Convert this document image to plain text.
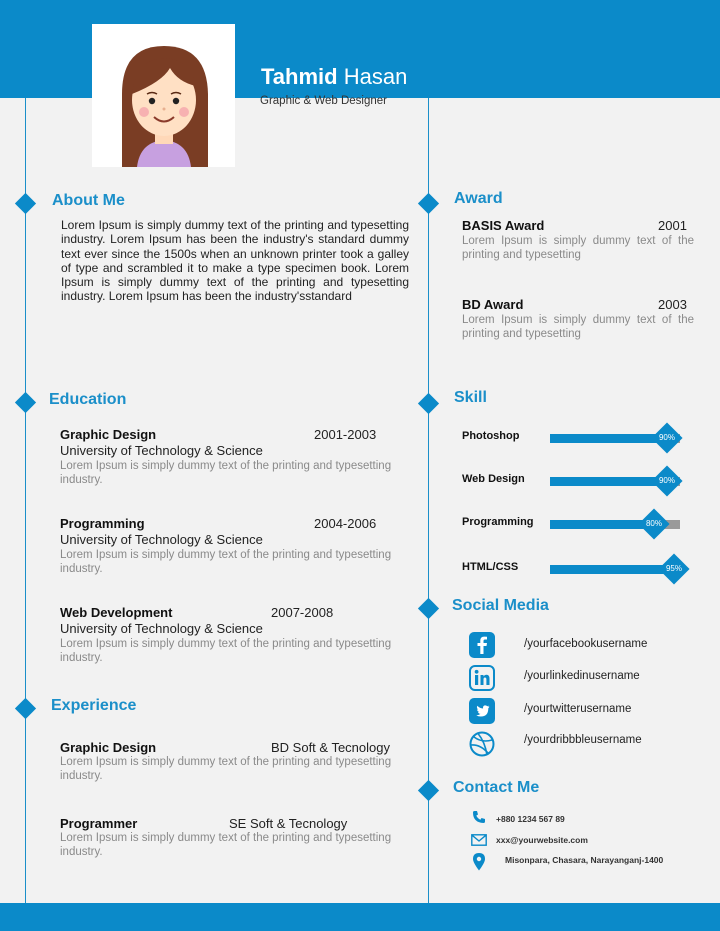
Tahmid Hasan
Graphic & Web Designer
About Me
Lorem Ipsum is simply dummy text of the printing and typesetting industry. Lorem Ipsum has been the industry's standard dummy text ever since the 1500s when an unknown printer took a galley of type and scrambled it to make a type specimen book. Lorem Ipsum is simply dummy text of the printing and typesetting industry. Lorem Ipsum has been the industry'sstandard
Education
Graphic Design	2001-2003
University of Technology & Science
Lorem Ipsum is simply dummy text of the printing and typesetting industry.
Programming	2004-2006
University of Technology & Science
Lorem Ipsum is simply dummy text of the printing and typesetting industry.
Web Development	2007-2008
University of Technology & Science
Lorem Ipsum is simply dummy text of the printing and typesetting industry.
Experience
Graphic Design	BD Soft & Tecnology
Lorem Ipsum is simply dummy text of the printing and typesetting industry.
Programmer	SE Soft & Tecnology
Lorem Ipsum is simply dummy text of the printing and typesetting industry.
Award
BASIS Award	2001
Lorem Ipsum is simply dummy text of the printing and typesetting
BD Award	2003
Lorem Ipsum is simply dummy text of the printing and typesetting
Skill
Photoshop	90%
Web Design	90%
Programming	80%
HTML/CSS	95%
Social Media
/yourfacebookusername
/yourlinkedinusername
/yourtwitterusername
/yourdribbbleusername
Contact Me
+880 1234 567 89
xxx@yourwebsite.com
Misonpara, Chasara, Narayanganj-1400
